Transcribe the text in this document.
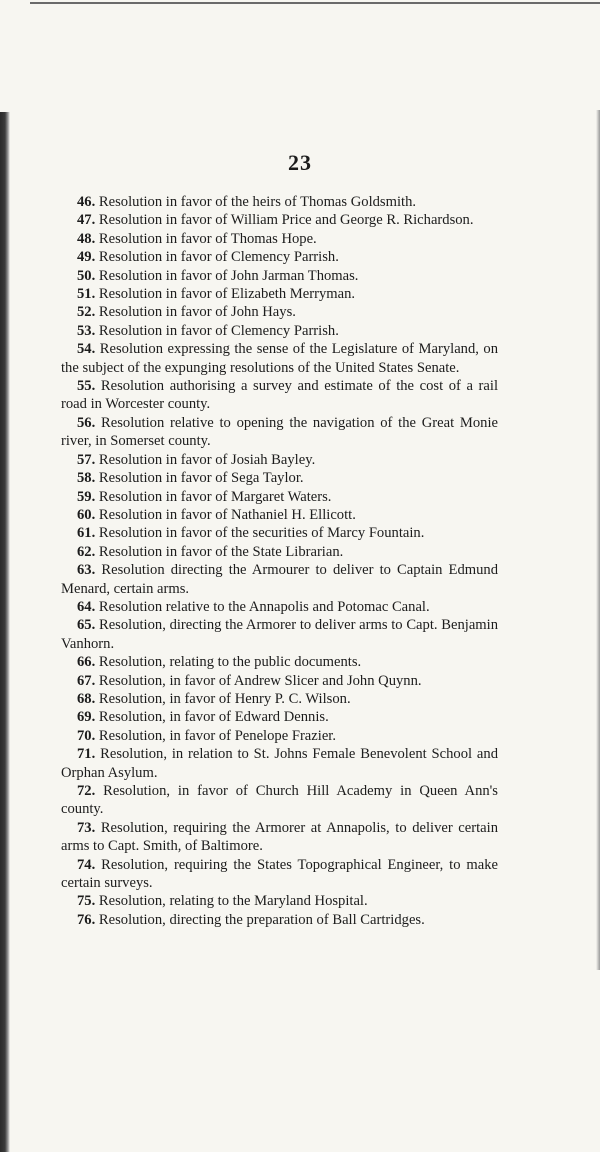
23

46. Resolution in favor of the heirs of Thomas Goldsmith.

47. Resolution in favor of William Price and George R. Richardson.

48. Resolution in favor of Thomas Hope.

49. Resolution in favor of Clemency Parrish.

50. Resolution in favor of John Jarman Thomas.

51. Resolution in favor of Elizabeth Merryman.

52. Resolution in favor of John Hays.

53. Resolution in favor of Clemency Parrish.

54. Resolution expressing the sense of the Legislature of Maryland, on the subject of the expunging resolutions of the United States Senate.

55. Resolution authorising a survey and estimate of the cost of a rail road in Worcester county.

56. Resolution relative to opening the navigation of the Great Monie river, in Somerset county.

57. Resolution in favor of Josiah Bayley.

58. Resolution in favor of Sega Taylor.

59. Resolution in favor of Margaret Waters.

60. Resolution in favor of Nathaniel H. Ellicott.

61. Resolution in favor of the securities of Marcy Fountain.

62. Resolution in favor of the State Librarian.

63. Resolution directing the Armourer to deliver to Captain Edmund Menard, certain arms.

64. Resolution relative to the Annapolis and Potomac Canal.

65. Resolution, directing the Armorer to deliver arms to Capt. Benjamin Vanhorn.

66. Resolution, relating to the public documents.

67. Resolution, in favor of Andrew Slicer and John Quynn.

68. Resolution, in favor of Henry P. C. Wilson.

69. Resolution, in favor of Edward Dennis.

70. Resolution, in favor of Penelope Frazier.

71. Resolution, in relation to St. Johns Female Benevolent School and Orphan Asylum.

72. Resolution, in favor of Church Hill Academy in Queen Ann's county.

73. Resolution, requiring the Armorer at Annapolis, to deliver certain arms to Capt. Smith, of Baltimore.

74. Resolution, requiring the States Topographical Engineer, to make certain surveys.

75. Resolution, relating to the Maryland Hospital.

76. Resolution, directing the preparation of Ball Cartridges.
